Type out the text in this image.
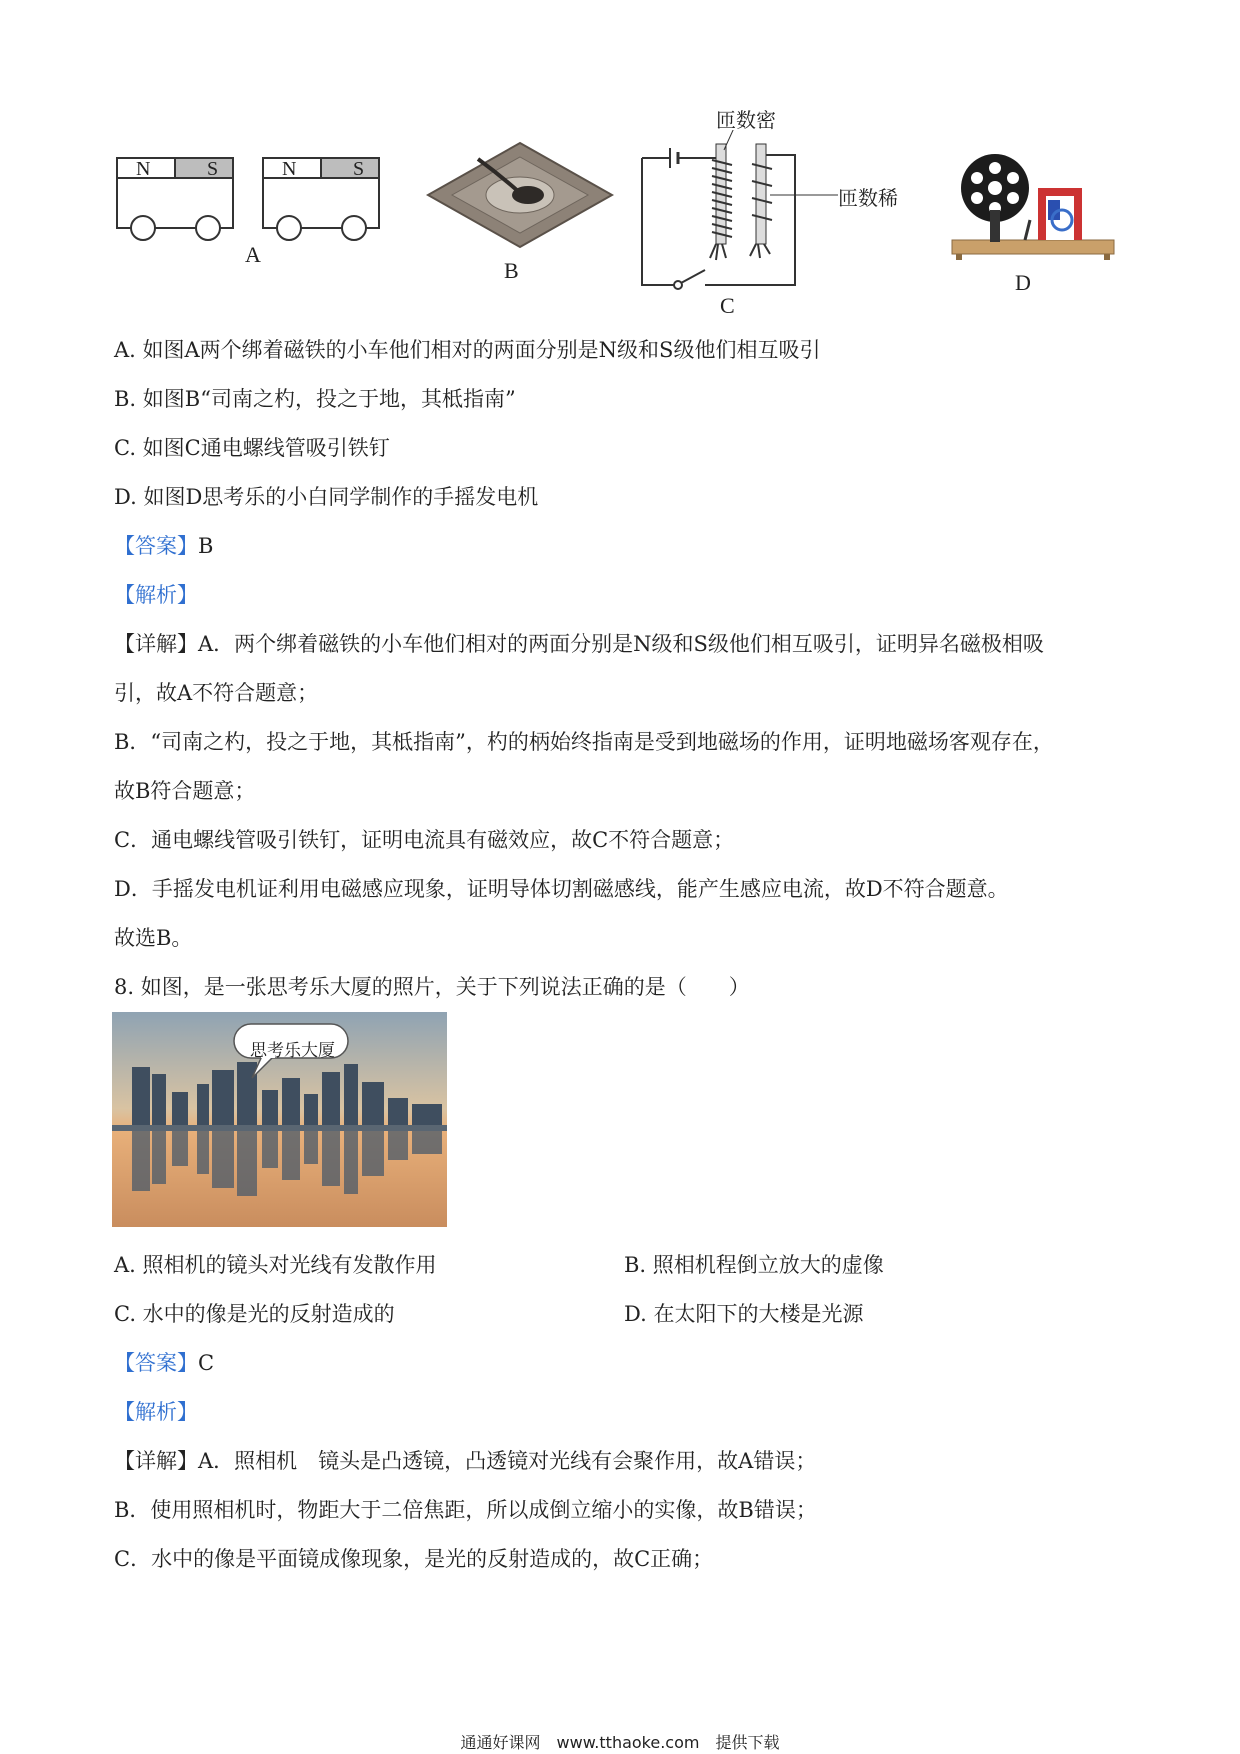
N	S	N	S
A
B
匝数密
匝数稀
C
D
A. 如图A两个绑着磁铁的小车他们相对的两面分别是N级和S级他们相互吸引
B. 如图B“司南之杓，投之于地，其柢指南”
C. 如图C通电螺线管吸引铁钉
D. 如图D思考乐的小白同学制作的手摇发电机
【答案】B
【解析】
【详解】A．两个绑着磁铁的小车他们相对的两面分别是N级和S级他们相互吸引，证明异名磁极相吸
引，故A不符合题意；
B．“司南之杓，投之于地，其柢指南”，杓的柄始终指南是受到地磁场的作用，证明地磁场客观存在，
故B符合题意；
C．通电螺线管吸引铁钉，证明电流具有磁效应，故C不符合题意；
D．手摇发电机证利用电磁感应现象，证明导体切割磁感线，能产生感应电流，故D不符合题意。
故选B。
8. 如图，是一张思考乐大厦的照片，关于下列说法正确的是（　　）
思考乐大厦
A. 照相机的镜头对光线有发散作用	B. 照相机程倒立放大的虚像
C. 水中的像是光的反射造成的	D. 在太阳下的大楼是光源
【答案】C
【解析】
【详解】A．照相机　镜头是凸透镜，凸透镜对光线有会聚作用，故A错误；
B．使用照相机时，物距大于二倍焦距，所以成倒立缩小的实像，故B错误；
C．水中的像是平面镜成像现象，是光的反射造成的，故C正确；
通通好课网　www.tthaoke.com　提供下载
